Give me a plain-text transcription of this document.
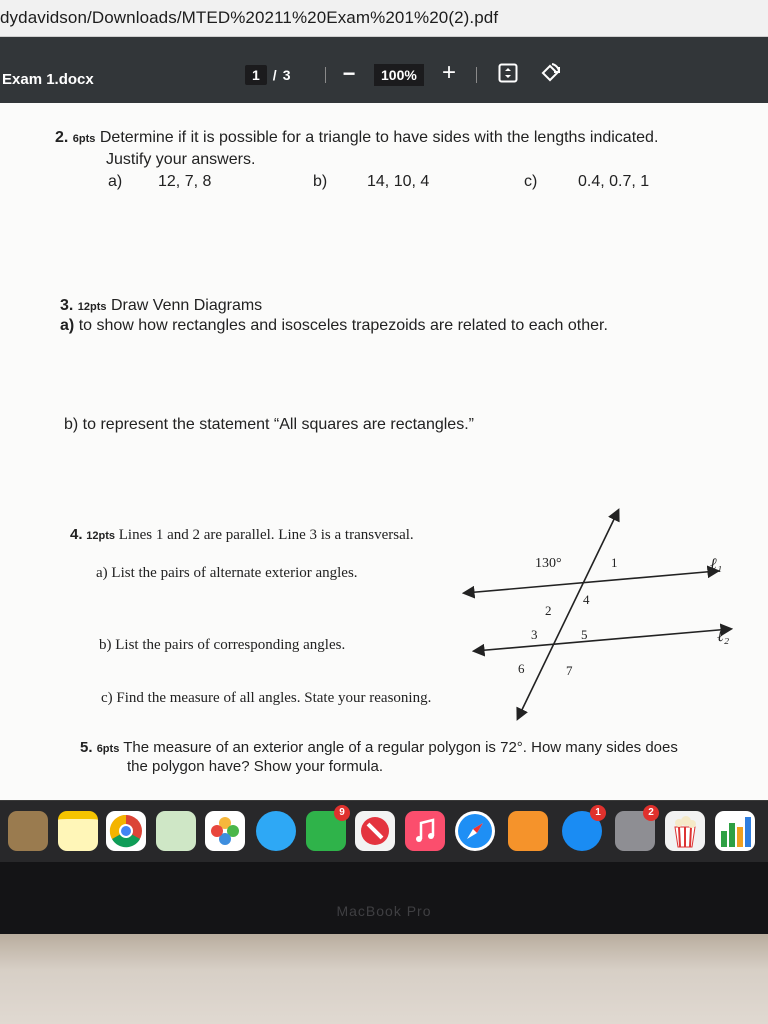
dydavidson/Downloads/MTED%20211%20Exam%201%20(2).pdf
Exam 1.docx	1 / 3 −	100% +
2. 6pts Determine if it is possible for a triangle to have sides with the lengths indicated.
Justify your answers.
a) 12, 7, 8	b) 14, 10, 4	c)	0.4, 0.7, 1
3. 12pts Draw Venn Diagrams
a) to show how rectangles and isosceles trapezoids are related to each other.
b) to represent the statement “All squares are rectangles.”
4. 12pts Lines 1 and 2 are parallel. Line 3 is a transversal.
a) List the pairs of alternate exterior angles.
b) List the pairs of corresponding angles.
c) Find the measure of all angles. State your reasoning.
130°	1
2
3
4
5
6	7
ℓ₁
ℓ₂
5. 6pts The measure of an exterior angle of a regular polygon is 72°. How many sides does
the polygon have? Show your formula.
9	1	2
MacBook Pro
